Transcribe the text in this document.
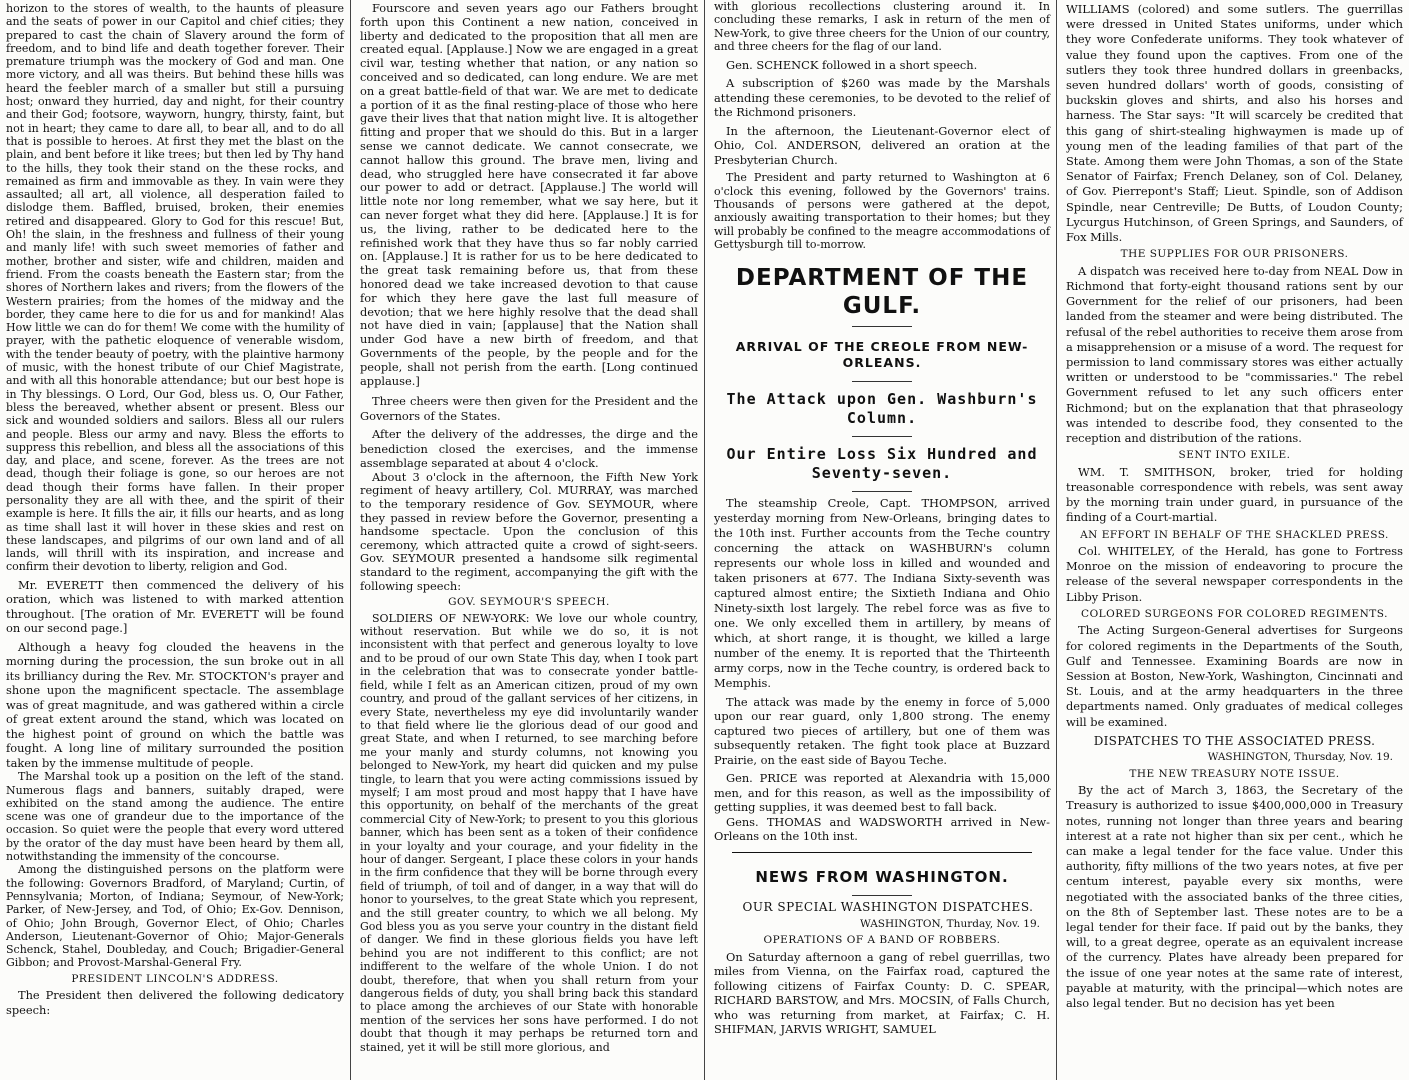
horizon to the stores of wealth, to the haunts of pleasure and the seats of power in our Capitol and chief cities; they prepared to cast the chain of Slavery around the form of freedom, and to bind life and death together forever. Their premature triumph was the mockery of God and man. One more victory, and all was theirs. But behind these hills was heard the feebler march of a smaller but still a pursuing host; onward they hurried, day and night, for their country and their God; footsore, wayworn, hungry, thirsty, faint, but not in heart; they came to dare all, to bear all, and to do all that is possible to heroes. At first they met the blast on the plain, and bent before it like trees; but then led by Thy hand to the hills, they took their stand on the these rocks, and remained as firm and immovable as they. In vain were they assaulted; all art, all violence, all desperation failed to dislodge them. Baffled, bruised, broken, their enemies retired and disappeared. Glory to God for this rescue! But, Oh! the slain, in the freshness and fullness of their young and manly life! with such sweet memories of father and mother, brother and sister, wife and children, maiden and friend. From the coasts beneath the Eastern star; from the shores of Northern lakes and rivers; from the flowers of the Western prairies; from the homes of the midway and the border, they came here to die for us and for mankind! Alas How little we can do for them! We come with the humility of prayer, with the pathetic eloquence of venerable wisdom, with the tender beauty of poetry, with the plaintive harmony of music, with the honest tribute of our Chief Magistrate, and with all this honorable attendance; but our best hope is in Thy blessings. O Lord, Our God, bless us. O, Our Father, bless the bereaved, whether absent or present. Bless our sick and wounded soldiers and sailors. Bless all our rulers and people. Bless our army and navy. Bless the efforts to suppress this rebellion, and bless all the associations of this day, and place, and scene, forever. As the trees are not dead, though their foliage is gone, so our heroes are not dead though their forms have fallen. In their proper personality they are all with thee, and the spirit of their example is here. It fills the air, it fills our hearts, and as long as time shall last it will hover in these skies and rest on these landscapes, and pilgrims of our own land and of all lands, will thrill with its inspiration, and increase and confirm their devotion to liberty, religion and God.

Mr. EVERETT then commenced the delivery of his oration, which was listened to with marked attention throughout. [The oration of Mr. EVERETT will be found on our second page.]

Although a heavy fog clouded the heavens in the morning during the procession, the sun broke out in all its brilliancy during the Rev. Mr. STOCKTON's prayer and shone upon the magnificent spectacle. The assemblage was of great magnitude, and was gathered within a circle of great extent around the stand, which was located on the highest point of ground on which the battle was fought. A long line of military surrounded the position taken by the immense multitude of people.

The Marshal took up a position on the left of the stand. Numerous flags and banners, suitably draped, were exhibited on the stand among the audience. The entire scene was one of grandeur due to the importance of the occasion. So quiet were the people that every word uttered by the orator of the day must have been heard by them all, notwithstanding the immensity of the concourse.

Among the distinguished persons on the platform were the following: Governors Bradford, of Maryland; Curtin, of Pennsylvania; Morton, of Indiana; Seymour, of New-York; Parker, of New-Jersey, and Tod, of Ohio; Ex-Gov. Dennison, of Ohio; John Brough, Governor Elect, of Ohio; Charles Anderson, Lieutenant-Governor of Ohio; Major-Generals Schenck, Stahel, Doubleday, and Couch; Brigadier-General Gibbon; and Provost-Marshal-General Fry.

PRESIDENT LINCOLN'S ADDRESS.

The President then delivered the following dedicatory speech:

Fourscore and seven years ago our Fathers brought forth upon this Continent a new nation, conceived in liberty and dedicated to the proposition that all men are created equal. [Applause.] Now we are engaged in a great civil war, testing whether that nation, or any nation so conceived and so dedicated, can long endure. We are met on a great battle-field of that war. We are met to dedicate a portion of it as the final resting-place of those who here gave their lives that that nation might live. It is altogether fitting and proper that we should do this. But in a larger sense we cannot dedicate. We cannot consecrate, we cannot hallow this ground. The brave men, living and dead, who struggled here have consecrated it far above our power to add or detract. [Applause.] The world will little note nor long remember, what we say here, but it can never forget what they did here. [Applause.] It is for us, the living, rather to be dedicated here to the refinished work that they have thus so far nobly carried on. [Applause.] It is rather for us to be here dedicated to the great task remaining before us, that from these honored dead we take increased devotion to that cause for which they here gave the last full measure of devotion; that we here highly resolve that the dead shall not have died in vain; [applause] that the Nation shall under God have a new birth of freedom, and that Governments of the people, by the people and for the people, shall not perish from the earth. [Long continued applause.]

Three cheers were then given for the President and the Governors of the States.

After the delivery of the addresses, the dirge and the benediction closed the exercises, and the immense assemblage separated at about 4 o'clock.

About 3 o'clock in the afternoon, the Fifth New York regiment of heavy artillery, Col. MURRAY, was marched to the temporary residence of Gov. SEYMOUR, where they passed in review before the Governor, presenting a handsome spectacle. Upon the conclusion of this ceremony, which attracted quite a crowd of sight-seers. Gov. SEYMOUR presented a handsome silk regimental standard to the regiment, accompanying the gift with the following speech:

GOV. SEYMOUR'S SPEECH.

SOLDIERS OF NEW-YORK: We love our whole country, without reservation. But while we do so, it is not inconsistent with that perfect and generous loyalty to love and to be proud of our own State This day, when I took part in the celebration that was to consecrate yonder battle-field, while I felt as an American citizen, proud of my own country, and proud of the gallant services of her citizens, in every State, nevertheless my eye did involuntarily wander to that field where lie the glorious dead of our good and great State, and when I returned, to see marching before me your manly and sturdy columns, not knowing you belonged to New-York, my heart did quicken and my pulse tingle, to learn that you were acting commissions issued by myself; I am most proud and most happy that I have have this opportunity, on behalf of the merchants of the great commercial City of New-York; to present to you this glorious banner, which has been sent as a token of their confidence in your loyalty and your courage, and your fidelity in the hour of danger. Sergeant, I place these colors in your hands in the firm confidence that they will be borne through every field of triumph, of toil and of danger, in a way that will do honor to yourselves, to the great State which you represent, and the still greater country, to which we all belong. My God bless you as you serve your country in the distant field of danger. We find in these glorious fields you have left behind you are not indifferent to this conflict; are not indifferent to the welfare of the whole Union. I do not doubt, therefore, that when you shall return from your dangerous fields of duty, you shall bring back this standard to place among the archieves of our State with honorable mention of the services her sons have performed. I do not doubt that though it may perhaps be returned torn and stained, yet it will be still more glorious, and

with glorious recollections clustering around it. In concluding these remarks, I ask in return of the men of New-York, to give three cheers for the Union of our country, and three cheers for the flag of our land.

Gen. SCHENCK followed in a short speech.

A subscription of $260 was made by the Marshals attending these ceremonies, to be devoted to the relief of the Richmond prisoners.

In the afternoon, the Lieutenant-Governor elect of Ohio, Col. ANDERSON, delivered an oration at the Presbyterian Church.

The President and party returned to Washington at 6 o'clock this evening, followed by the Governors' trains. Thousands of persons were gathered at the depot, anxiously awaiting transportation to their homes; but they will probably be confined to the meagre accommodations of Gettysburgh till to-morrow.

DEPARTMENT OF THE GULF.

ARRIVAL OF THE CREOLE FROM NEW-ORLEANS.

The Attack upon Gen. Washburn's Column.

Our Entire Loss Six Hundred and Seventy-seven.

The steamship Creole, Capt. THOMPSON, arrived yesterday morning from New-Orleans, bringing dates to the 10th inst. Further accounts from the Teche country concerning the attack on WASHBURN's column represents our whole loss in killed and wounded and taken prisoners at 677. The Indiana Sixty-seventh was captured almost entire; the Sixtieth Indiana and Ohio Ninety-sixth lost largely. The rebel force was as five to one. We only excelled them in artillery, by means of which, at short range, it is thought, we killed a large number of the enemy. It is reported that the Thirteenth army corps, now in the Teche country, is ordered back to Memphis.

The attack was made by the enemy in force of 5,000 upon our rear guard, only 1,800 strong. The enemy captured two pieces of artillery, but one of them was subsequently retaken. The fight took place at Buzzard Prairie, on the east side of Bayou Teche.

Gen. PRICE was reported at Alexandria with 15,000 men, and for this reason, as well as the impossibility of getting supplies, it was deemed best to fall back.

Gens. THOMAS and WADSWORTH arrived in New-Orleans on the 10th inst.

NEWS FROM WASHINGTON.

OUR SPECIAL WASHINGTON DISPATCHES.

WASHINGTON, Thurday, Nov. 19.

OPERATIONS OF A BAND OF ROBBERS.

On Saturday afternoon a gang of rebel guerrillas, two miles from Vienna, on the Fairfax road, captured the following citizens of Fairfax County: D. C. SPEAR, RICHARD BARSTOW, and Mrs. MOCSIN, of Falls Church, who was returning from market, at Fairfax; C. H. SHIFMAN, JARVIS WRIGHT, SAMUEL

WILLIAMS (colored) and some sutlers. The guerrillas were dressed in United States uniforms, under which they wore Confederate uniforms. They took whatever of value they found upon the captives. From one of the sutlers they took three hundred dollars in greenbacks, seven hundred dollars' worth of goods, consisting of buckskin gloves and shirts, and also his horses and harness. The Star says: "It will scarcely be credited that this gang of shirt-stealing highwaymen is made up of young men of the leading families of that part of the State. Among them were John Thomas, a son of the State Senator of Fairfax; French Delaney, son of Col. Delaney, of Gov. Pierrepont's Staff; Lieut. Spindle, son of Addison Spindle, near Centreville; De Butts, of Loudon County; Lycurgus Hutchinson, of Green Springs, and Saunders, of Fox Mills.

THE SUPPLIES FOR OUR PRISONERS.

A dispatch was received here to-day from NEAL Dow in Richmond that forty-eight thousand rations sent by our Government for the relief of our prisoners, had been landed from the steamer and were being distributed. The refusal of the rebel authorities to receive them arose from a misapprehension or a misuse of a word. The request for permission to land commissary stores was either actually written or understood to be "commissaries." The rebel Government refused to let any such officers enter Richmond; but on the explanation that that phraseology was intended to describe food, they consented to the reception and distribution of the rations.

SENT INTO EXILE.

WM. T. SMITHSON, broker, tried for holding treasonable correspondence with rebels, was sent away by the morning train under guard, in pursuance of the finding of a Court-martial.

AN EFFORT IN BEHALF OF THE SHACKLED PRESS.

Col. WHITELEY, of the Herald, has gone to Fortress Monroe on the mission of endeavoring to procure the release of the several newspaper correspondents in the Libby Prison.

COLORED SURGEONS FOR COLORED REGIMENTS.

The Acting Surgeon-General advertises for Surgeons for colored regiments in the Departments of the South, Gulf and Tennessee. Examining Boards are now in Session at Boston, New-York, Washington, Cincinnati and St. Louis, and at the army headquarters in the three departments named. Only graduates of medical colleges will be examined.

DISPATCHES TO THE ASSOCIATED PRESS.

WASHINGTON, Thursday, Nov. 19.

THE NEW TREASURY NOTE ISSUE.

By the act of March 3, 1863, the Secretary of the Treasury is authorized to issue $400,000,000 in Treasury notes, running not longer than three years and bearing interest at a rate not higher than six per cent., which he can make a legal tender for the face value. Under this authority, fifty millions of the two years notes, at five per centum interest, payable every six months, were negotiated with the associated banks of the three cities, on the 8th of September last. These notes are to be a legal tender for their face. If paid out by the banks, they will, to a great degree, operate as an equivalent increase of the currency. Plates have already been prepared for the issue of one year notes at the same rate of interest, payable at maturity, with the principal—which notes are also legal tender. But no decision has yet been
